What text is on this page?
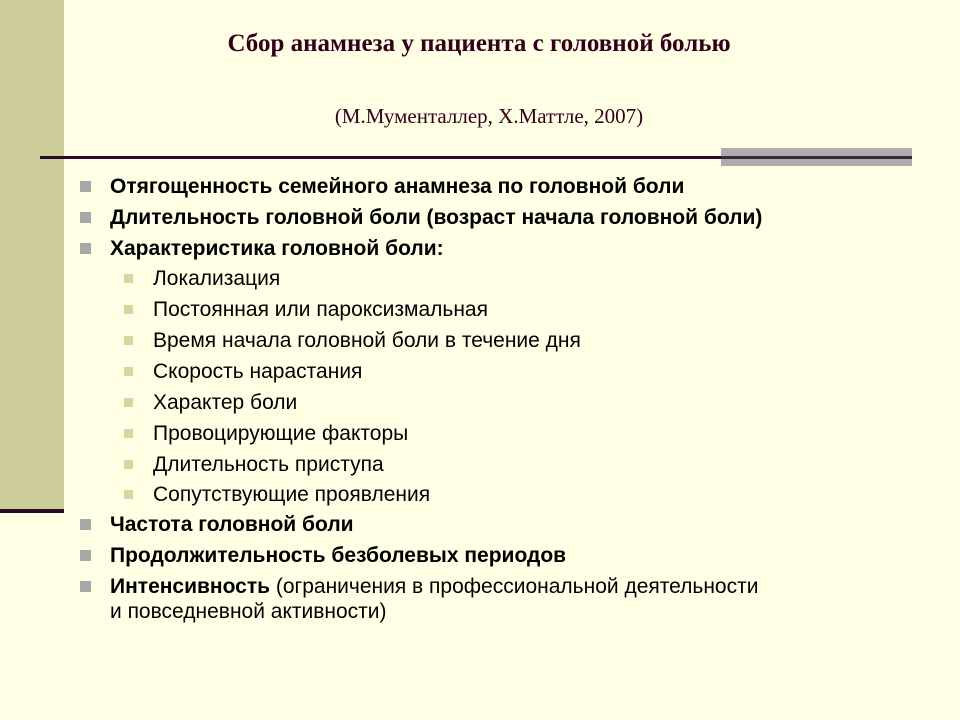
Сбор анамнеза у пациента с головной болью
(М.Мументаллер, Х.Маттле, 2007)
Отягощенность семейного анамнеза по головной боли
Длительность головной боли (возраст начала головной боли)
Характеристика головной боли:
Локализация
Постоянная или пароксизмальная
Время начала головной боли в течение дня
Скорость нарастания
Характер боли
Провоцирующие факторы
Длительность приступа
Сопутствующие проявления
Частота головной боли
Продолжительность безболевых периодов
Интенсивность (ограничения в профессиональной деятельности
и повседневной активности)
